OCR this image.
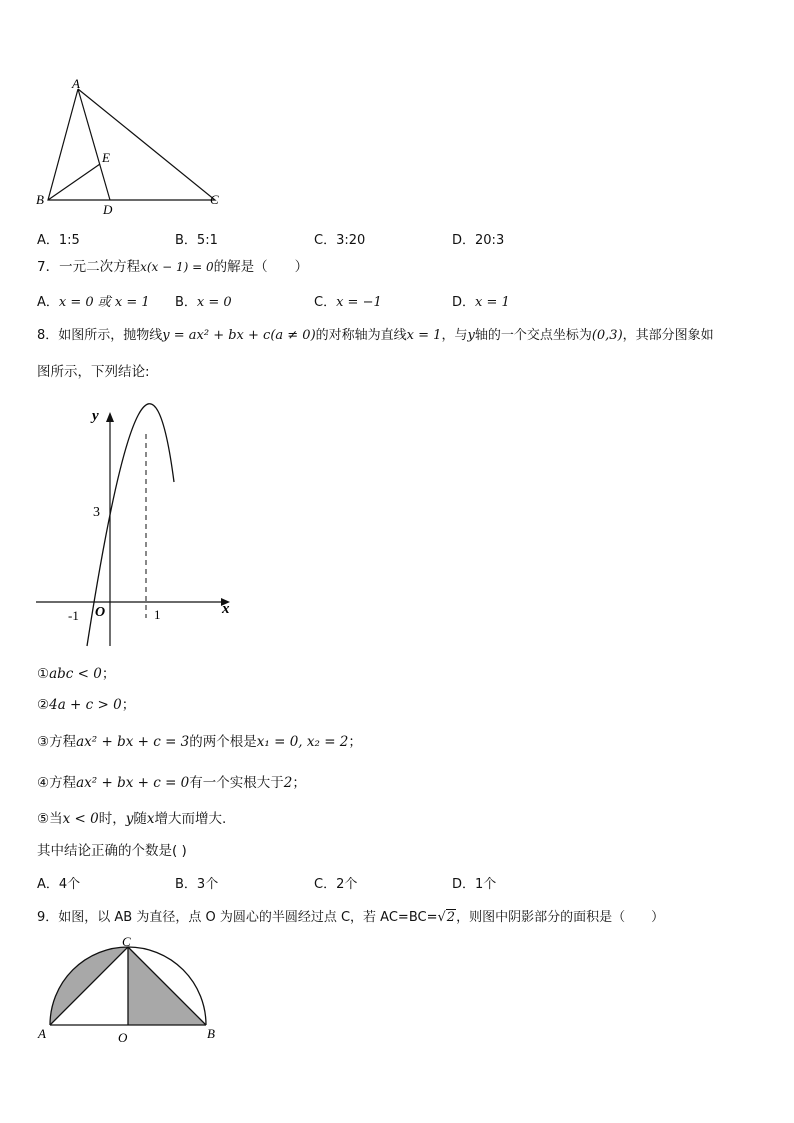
A
B	C
D
E
A．1:5	B．5:1	C．3:20	D．20:3
7．一元二次方程x(x − 1) = 0的解是（　　）
A．x = 0 或 x = 1 B．x = 0	C．x = −1	D．x = 1
8．如图所示，抛物线y = ax² + bx + c(a ≠ 0)的对称轴为直线x = 1，与y轴的一个交点坐标为(0,3)，其部分图象如
图所示，下列结论:
y
x
3
-1 O	1
①abc < 0；
②4a + c > 0；
③方程ax² + bx + c = 3的两个根是x₁ = 0, x₂ = 2；
④方程ax² + bx + c = 0有一个实根大于2；
⑤当x < 0时，y随x增大而增大.
其中结论正确的个数是( )
A．4个	B．3个	C．2个	D．1个
9．如图，以 AB 为直径，点 O 为圆心的半圆经过点 C，若 AC=BC=√2，则图中阴影部分的面积是（　　）
C
A	O	B
